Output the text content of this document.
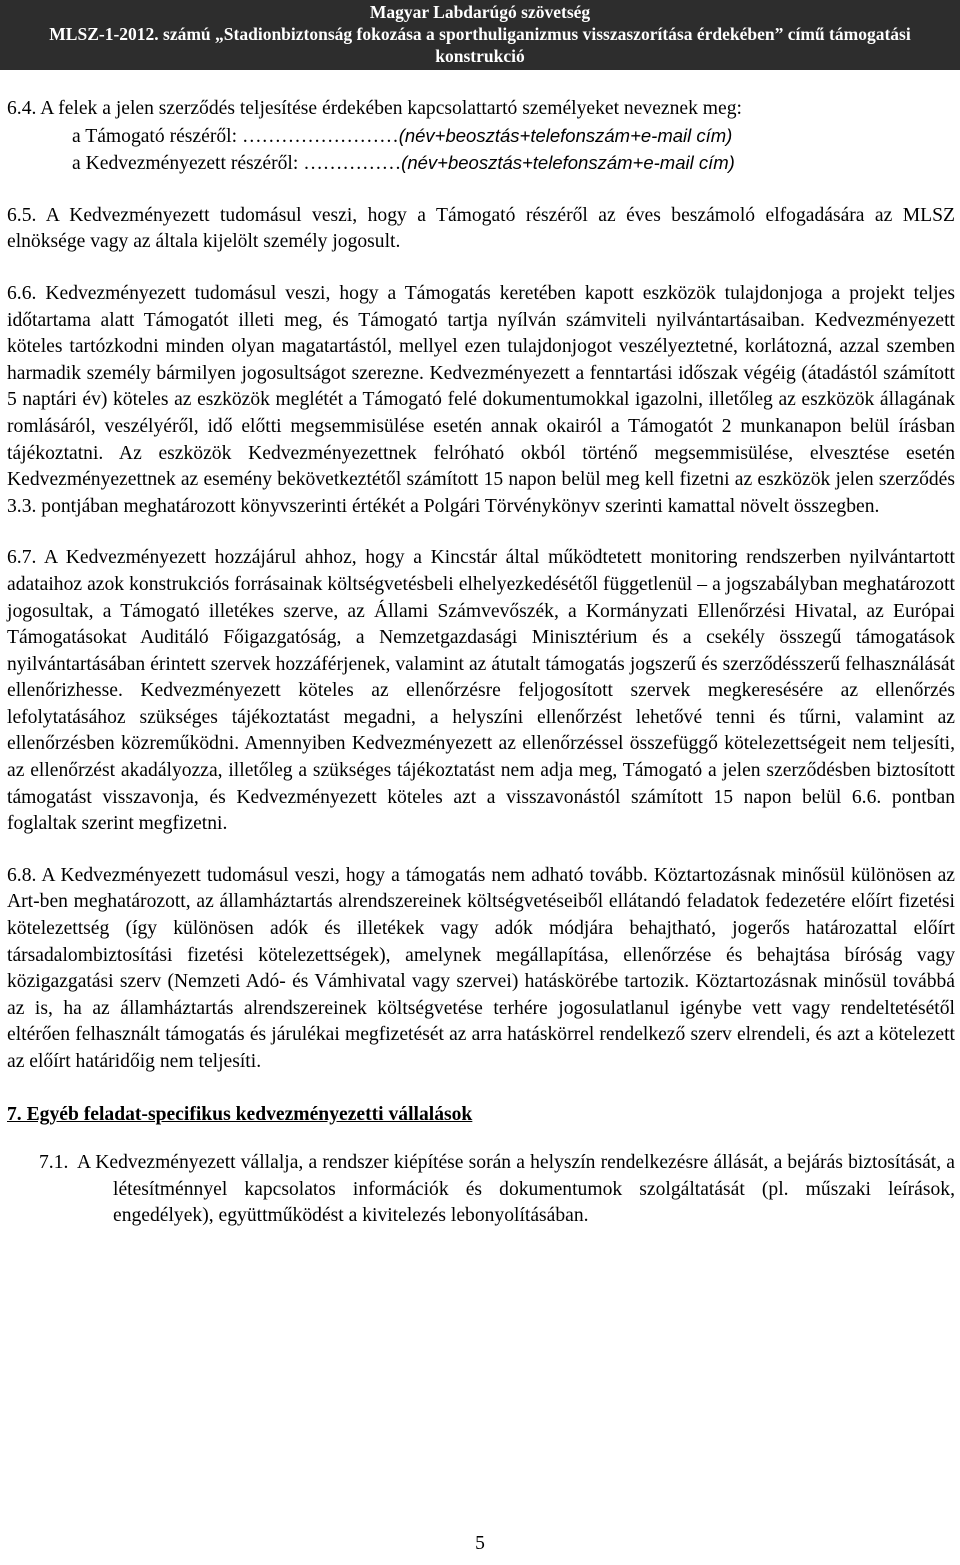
Magyar Labdarúgó szövetség
MLSZ-1-2012. számú „Stadionbiztonság fokozása a sporthuliganizmus visszaszorítása érdekében” című támogatási
konstrukció

6.4. A felek a jelen szerződés teljesítése érdekében kapcsolattartó személyeket neveznek meg:

a Támogató részéről: ……………………(név+beosztás+telefonszám+e-mail cím)
a Kedvezményezett részéről: ……………(név+beosztás+telefonszám+e-mail cím)

6.5. A Kedvezményezett tudomásul veszi, hogy a Támogató részéről az éves beszámoló elfogadására az MLSZ elnöksége vagy az általa kijelölt személy jogosult.

6.6. Kedvezményezett tudomásul veszi, hogy a Támogatás keretében kapott eszközök tulajdonjoga a projekt teljes időtartama alatt Támogatót illeti meg, és Támogató tartja nyílván számviteli nyilvántartásaiban. Kedvezményezett köteles tartózkodni minden olyan magatartástól, mellyel ezen tulajdonjogot veszélyeztetné, korlátozná, azzal szemben harmadik személy bármilyen jogosultságot szerezne. Kedvezményezett a fenntartási időszak végéig (átadástól számított 5 naptári év) köteles az eszközök meglétét a Támogató felé dokumentumokkal igazolni, illetőleg az eszközök állagának romlásáról, veszélyéről, idő előtti megsemmisülése esetén annak okairól a Támogatót 2 munkanapon belül írásban tájékoztatni. Az eszközök Kedvezményezettnek felróható okból történő megsemmisülése, elvesztése esetén Kedvezményezettnek az esemény bekövetkeztétől számított 15 napon belül meg kell fizetni az eszközök jelen szerződés 3.3. pontjában meghatározott könyvszerinti értékét a Polgári Törvénykönyv szerinti kamattal növelt összegben.

6.7. A Kedvezményezett hozzájárul ahhoz, hogy a Kincstár által működtetett monitoring rendszerben nyilvántartott adataihoz azok konstrukciós forrásainak költségvetésbeli elhelyezkedésétől függetlenül – a jogszabályban meghatározott jogosultak, a Támogató illetékes szerve, az Állami Számvevőszék, a Kormányzati Ellenőrzési Hivatal, az Európai Támogatásokat Auditáló Főigazgatóság, a Nemzetgazdasági Minisztérium és a csekély összegű támogatások nyilvántartásában érintett szervek hozzáférjenek, valamint az átutalt támogatás jogszerű és szerződésszerű felhasználását ellenőrizhesse. Kedvezményezett köteles az ellenőrzésre feljogosított szervek megkeresésére az ellenőrzés lefolytatásához szükséges tájékoztatást megadni, a helyszíni ellenőrzést lehetővé tenni és tűrni, valamint az ellenőrzésben közreműködni. Amennyiben Kedvezményezett az ellenőrzéssel összefüggő kötelezettségeit nem teljesíti, az ellenőrzést akadályozza, illetőleg a szükséges tájékoztatást nem adja meg, Támogató a jelen szerződésben biztosított támogatást visszavonja, és Kedvezményezett köteles azt a visszavonástól számított 15 napon belül 6.6. pontban foglaltak szerint megfizetni.

6.8. A Kedvezményezett tudomásul veszi, hogy a támogatás nem adható tovább. Köztartozásnak minősül különösen az Art-ben meghatározott, az államháztartás alrendszereinek költségvetéseiből ellátandó feladatok fedezetére előírt fizetési kötelezettség (így különösen adók és illetékek vagy adók módjára behajtható, jogerős határozattal előírt társadalombiztosítási fizetési kötelezettségek), amelynek megállapítása, ellenőrzése és behajtása bíróság vagy közigazgatási szerv (Nemzeti Adó- és Vámhivatal vagy szervei) hatáskörébe tartozik. Köztartozásnak minősül továbbá az is, ha az államháztartás alrendszereinek költségvetése terhére jogosulatlanul igénybe vett vagy rendeltetésétől eltérően felhasznált támogatás és járulékai megfizetését az arra hatáskörrel rendelkező szerv elrendeli, és azt a kötelezett az előírt határidőig nem teljesíti.

7. Egyéb feladat-specifikus kedvezményezetti vállalások
7.1. A Kedvezményezett vállalja, a rendszer kiépítése során a helyszín rendelkezésre állását, a bejárás biztosítását, a létesítménnyel kapcsolatos információk és dokumentumok szolgáltatását (pl. műszaki leírások, engedélyek), együttműködést a kivitelezés lebonyolításában.
5
